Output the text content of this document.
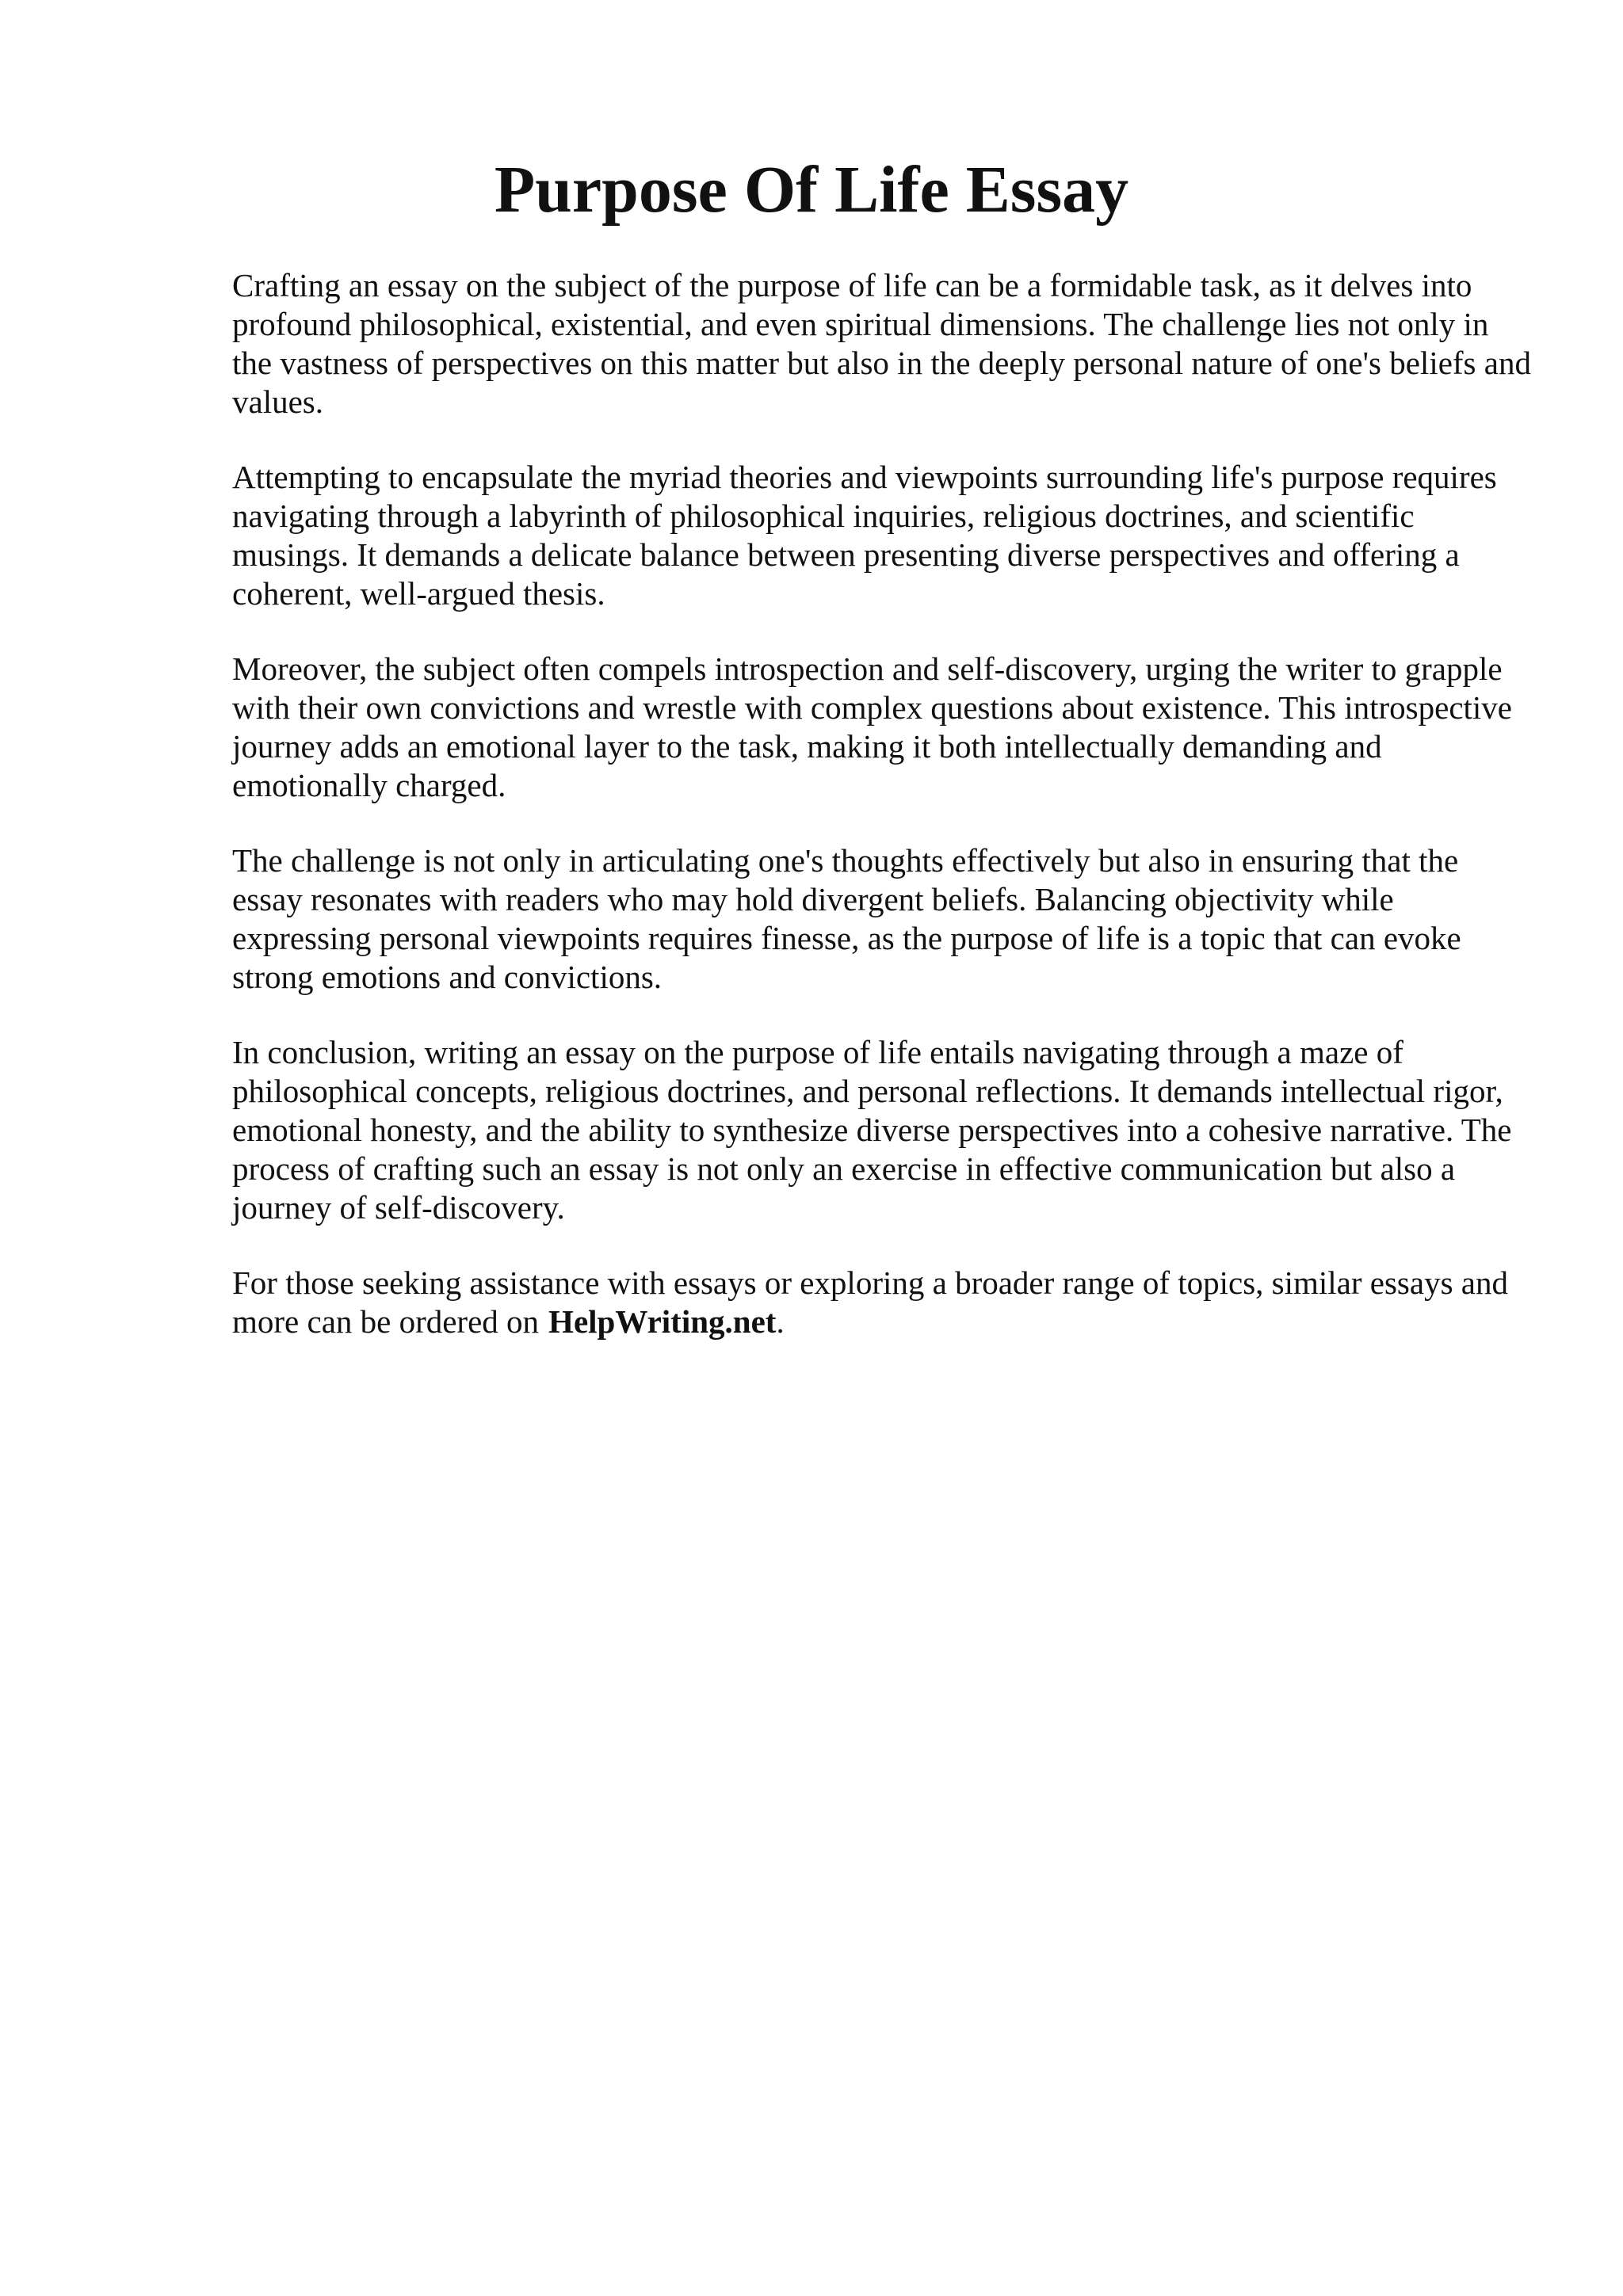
Purpose Of Life Essay

Crafting an essay on the subject of the purpose of life can be a formidable task, as it delves into profound philosophical, existential, and even spiritual dimensions. The challenge lies not only in the vastness of perspectives on this matter but also in the deeply personal nature of one's beliefs and values.

Attempting to encapsulate the myriad theories and viewpoints surrounding life's purpose requires navigating through a labyrinth of philosophical inquiries, religious doctrines, and scientific musings. It demands a delicate balance between presenting diverse perspectives and offering a coherent, well-argued thesis.

Moreover, the subject often compels introspection and self-discovery, urging the writer to grapple with their own convictions and wrestle with complex questions about existence. This introspective journey adds an emotional layer to the task, making it both intellectually demanding and emotionally charged.

The challenge is not only in articulating one's thoughts effectively but also in ensuring that the essay resonates with readers who may hold divergent beliefs. Balancing objectivity while expressing personal viewpoints requires finesse, as the purpose of life is a topic that can evoke strong emotions and convictions.

In conclusion, writing an essay on the purpose of life entails navigating through a maze of philosophical concepts, religious doctrines, and personal reflections. It demands intellectual rigor, emotional honesty, and the ability to synthesize diverse perspectives into a cohesive narrative. The process of crafting such an essay is not only an exercise in effective communication but also a journey of self-discovery.

For those seeking assistance with essays or exploring a broader range of topics, similar essays and more can be ordered on HelpWriting.net.
